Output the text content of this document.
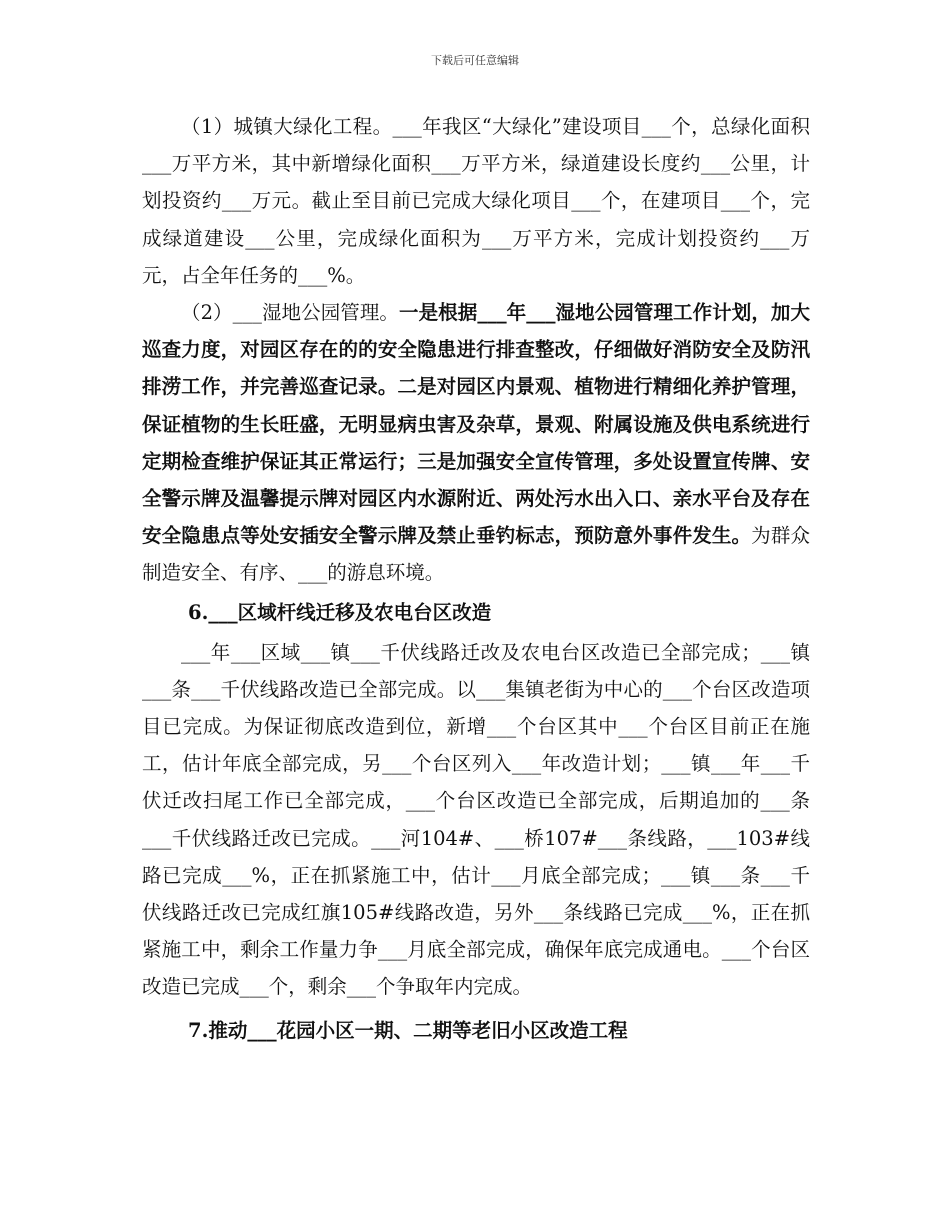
下载后可任意编辑

（1）城镇大绿化工程。___年我区“大绿化”建设项目___个，总绿化面积___万平方米，其中新增绿化面积___万平方米，绿道建设长度约___公里，计划投资约___万元。截止至目前已完成大绿化项目___个，在建项目___个，完成绿道建设___公里，完成绿化面积为___万平方米，完成计划投资约___万元，占全年任务的___%。

（2）___湿地公园管理。一是根据___年___湿地公园管理工作计划，加大巡查力度，对园区存在的的安全隐患进行排查整改，仔细做好消防安全及防汛排涝工作，并完善巡查记录。二是对园区内景观、植物进行精细化养护管理，保证植物的生长旺盛，无明显病虫害及杂草，景观、附属设施及供电系统进行定期检查维护保证其正常运行；三是加强安全宣传管理，多处设置宣传牌、安全警示牌及温馨提示牌对园区内水源附近、两处污水出入口、亲水平台及存在安全隐患点等处安插安全警示牌及禁止垂钓标志，预防意外事件发生。为群众制造安全、有序、___的游息环境。

6.___区域杆线迁移及农电台区改造

___年___区域___镇___千伏线路迁改及农电台区改造已全部完成；___镇___条___千伏线路改造已全部完成。以___集镇老街为中心的___个台区改造项目已完成。为保证彻底改造到位，新增___个台区其中___个台区目前正在施工，估计年底全部完成，另___个台区列入___年改造计划；___镇___年___千伏迁改扫尾工作已全部完成，___个台区改造已全部完成，后期追加的___条___千伏线路迁改已完成。___河104#、___桥107#___条线路，___103#线路已完成___%，正在抓紧施工中，估计___月底全部完成；___镇___条___千伏线路迁改已完成红旗105#线路改造，另外___条线路已完成___%，正在抓紧施工中，剩余工作量力争___月底全部完成，确保年底完成通电。___个台区改造已完成___个，剩余___个争取年内完成。

7.推动___花园小区一期、二期等老旧小区改造工程
